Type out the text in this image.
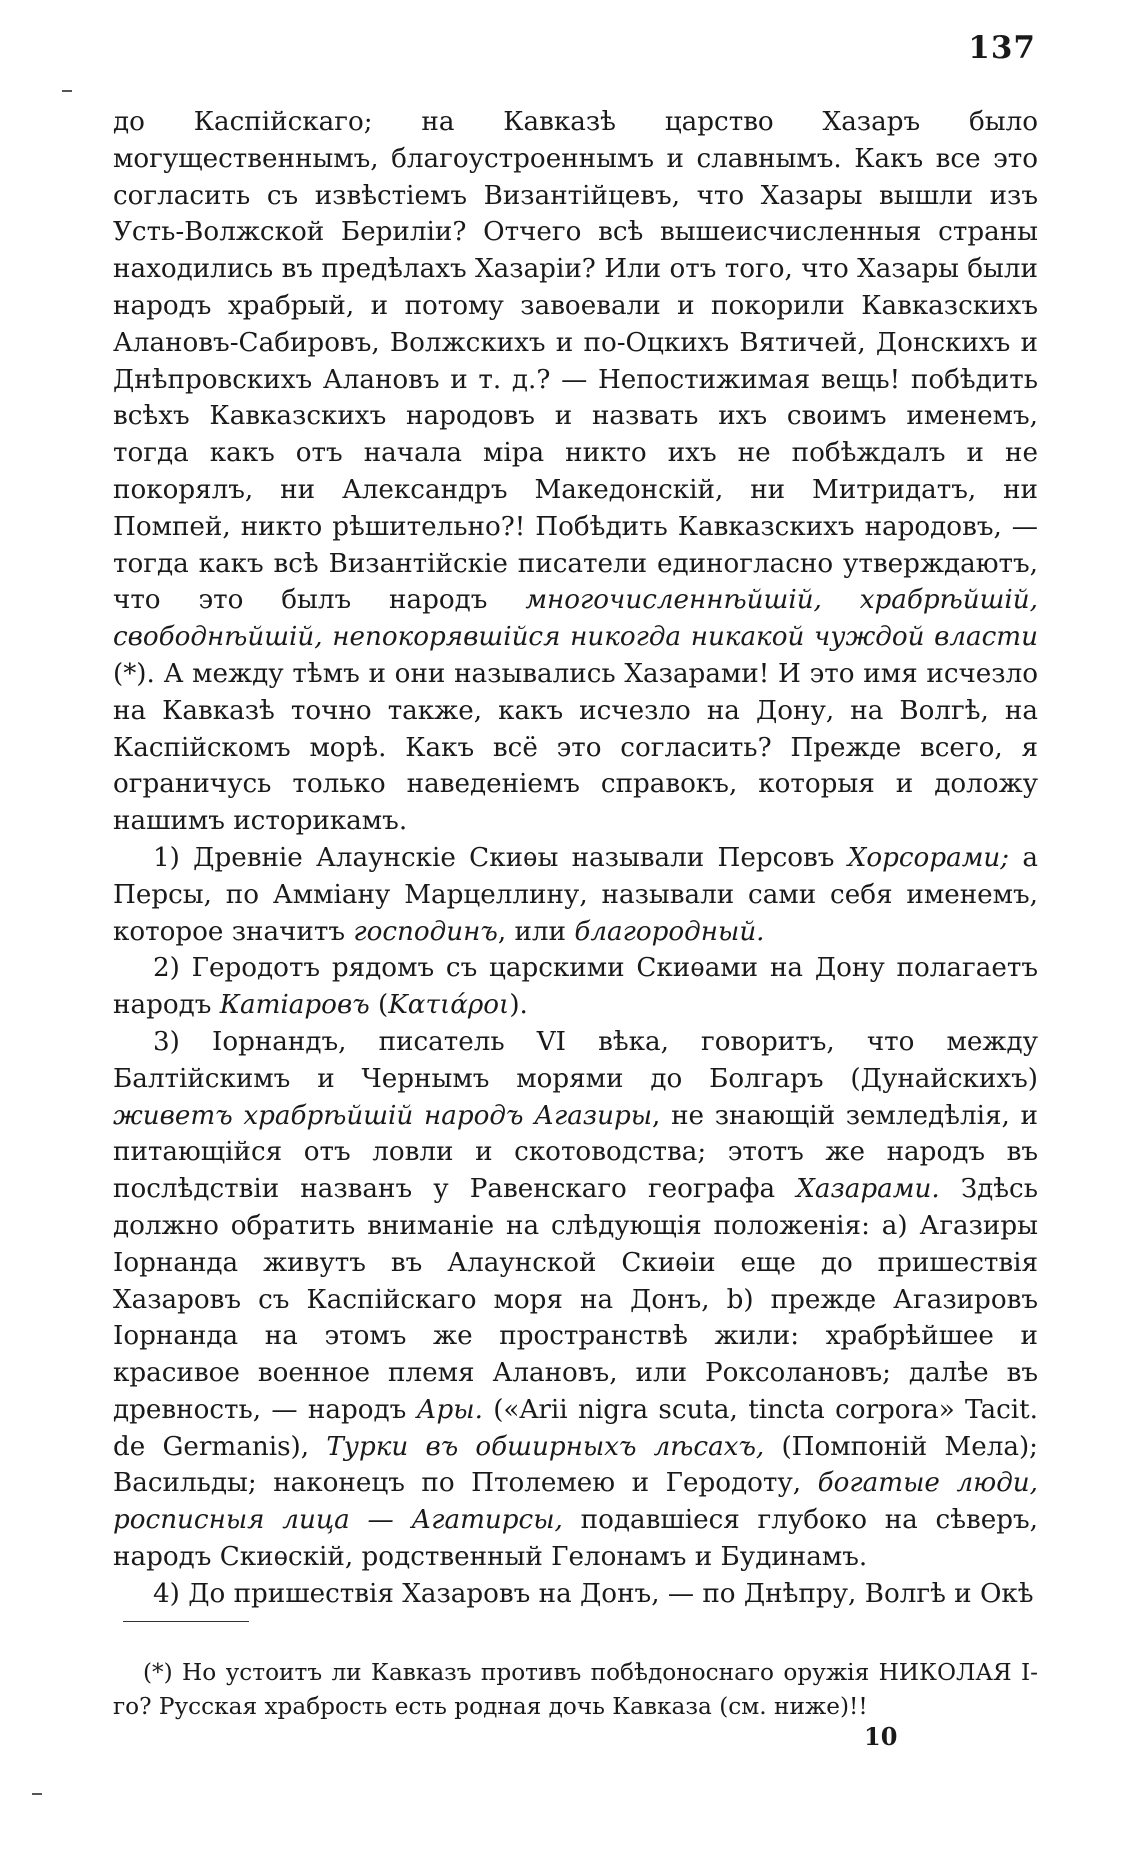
137

до Каспiйскаго; на Кавказѣ царство Хазаръ было могущественнымъ, благоустроеннымъ и славнымъ. Какъ все это согласить съ извѣстiемъ Византiйцевъ, что Хазары вышли изъ Усть-Волжской Берилiи? Отчего всѣ вышеисчисленныя страны находились въ предѣлахъ Хазарiи? Или отъ того, что Хазары были народъ храбрый, и потому завоевали и покорили Кавказскихъ Алановъ-Сабировъ, Волжскихъ и по-Оцкихъ Вятичей, Донскихъ и Днѣпровскихъ Алановъ и т. д.? — Непостижимая вещь! побѣдить всѣхъ Кавказскихъ народовъ и назвать ихъ своимъ именемъ, тогда какъ отъ начала мiра никто ихъ не побѣждалъ и не покорялъ, ни Александръ Македонскiй, ни Митридатъ, ни Помпей, никто рѣшительно?! Побѣдить Кавказскихъ народовъ, — тогда какъ всѣ Византiйскiе писатели единогласно утверждаютъ, что это былъ народъ многочисленнѣйшiй, храбрѣйшiй, свободнѣйшiй, непокорявшiйся никогда никакой чуждой власти (*). А между тѣмъ и они назывались Хазарами! И это имя исчезло на Кавказѣ точно также, какъ исчезло на Дону, на Волгѣ, на Каспiйскомъ морѣ. Какъ всё это согласить? Прежде всего, я ограничусь только наведенiемъ справокъ, которыя и доложу нашимъ историкамъ.

1) Древнiе Алаунскiе Скиѳы называли Персовъ Хорсорами; а Персы, по Амміану Марцеллину, называли сами себя именемъ, которое значитъ господинъ, или благородный.

2) Геродотъ рядомъ съ царскими Скиѳами на Дону полагаетъ народъ Катiаровъ (Κατιάροι).

3) Iорнандъ, писатель VI вѣка, говоритъ, что между Балтiйскимъ и Чернымъ морями до Болгаръ (Дунайскихъ) живетъ храбрѣйшiй народъ Агазиры, не знающiй земледѣлiя, и питающiйся отъ ловли и скотоводства; этотъ же народъ въ послѣдствiи названъ у Равенскаго географа Хазарами. Здѣсь должно обратить вниманiе на слѣдующiя положенiя: a) Агазиры Iорнанда живутъ въ Алаунской Скиѳiи еще до пришествiя Хазаровъ съ Каспiйскаго моря на Донъ, b) прежде Агазировъ Iорнанда на этомъ же пространствѣ жили: храбрѣйшее и красивое военное племя Алановъ, или Роксолановъ; далѣе въ древность, — народъ Ары. («Arii nigra scuta, tincta corpora» Tacit. de Germanis), Турки въ обширныхъ лѣсахъ, (Помпонiй Мела); Васильды; наконецъ по Птолемею и Геродоту, богатые люди, росписныя лица — Агатирсы, подавшiеся глубоко на сѣверъ, народъ Скиѳскiй, родственный Гелонамъ и Будинамъ.

4) До пришествiя Хазаровъ на Донъ, — по Днѣпру, Волгѣ и Окѣ

(*) Но устоитъ ли Кавказъ противъ побѣдоноснаго оружiя НИКОЛАЯ I-го? Русская храбрость есть родная дочь Кавказа (см. ниже)!!
10
